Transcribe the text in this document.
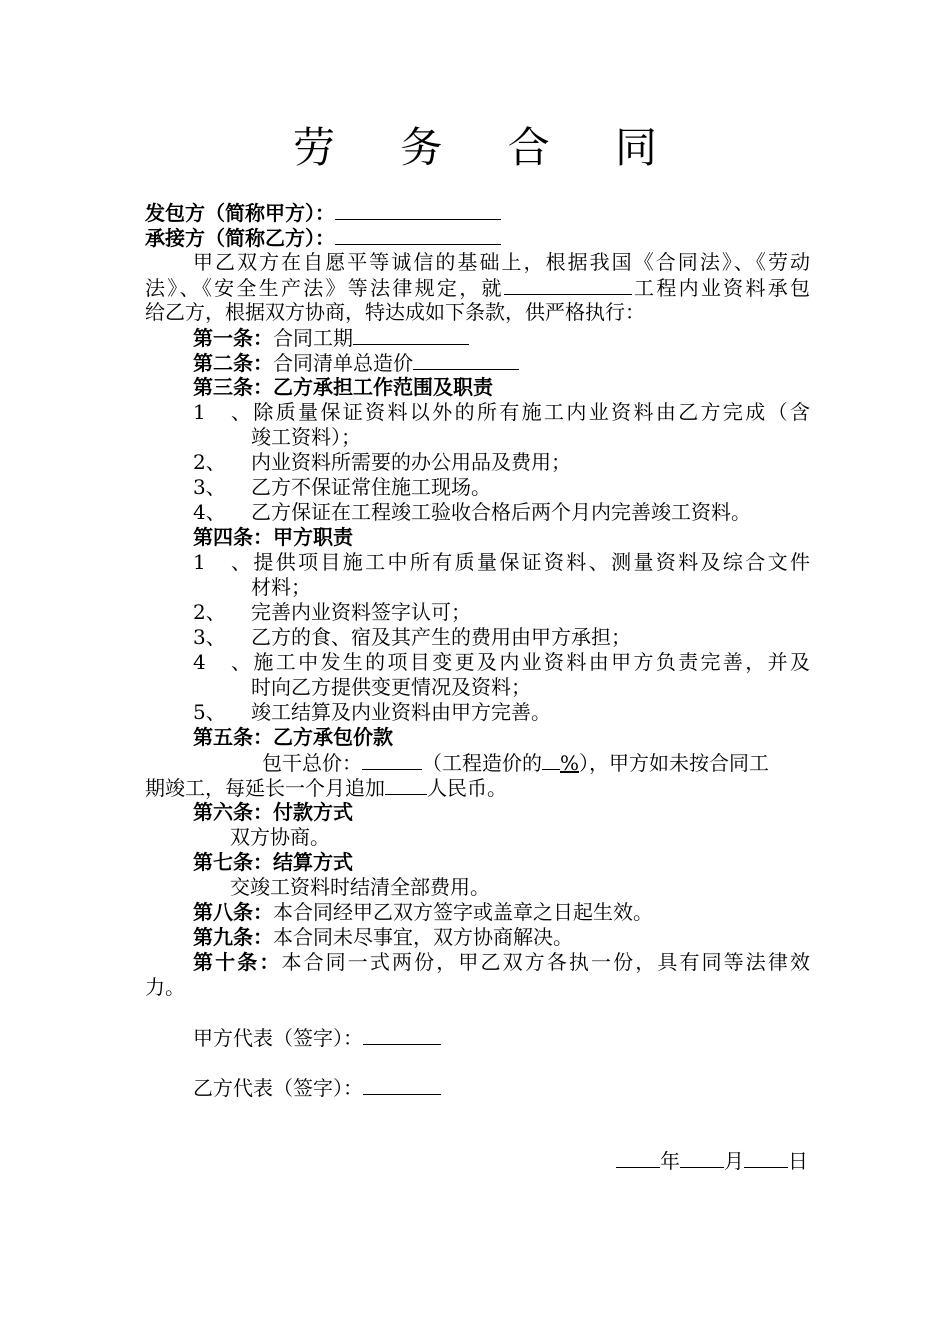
劳 务 合 同
发包方（简称甲方）：
承接方（简称乙方）：
甲乙双方在自愿平等诚信的基础上，根据我国《合同法》、《劳动
法》、《安全生产法》等法律规定，就	工程内业资料承包
给乙方，根据双方协商，特达成如下条款，供严格执行：
第一条：合同工期
第二条：合同清单总造价
第三条：乙方承担工作范围及职责
1、除质量保证资料以外的所有施工内业资料由乙方完成（含
竣工资料）；
2、 内业资料所需要的办公用品及费用；
3、 乙方不保证常住施工现场。
4、 乙方保证在工程竣工验收合格后两个月内完善竣工资料。
第四条：甲方职责
1、提供项目施工中所有质量保证资料、测量资料及综合文件
材料；
2、 完善内业资料签字认可；
3、 乙方的食、宿及其产生的费用由甲方承担；
4、施工中发生的项目变更及内业资料由甲方负责完善，并及
时向乙方提供变更情况及资料；
5、 竣工结算及内业资料由甲方完善。
第五条：乙方承包价款
包干总价：	（工程造价的 %），甲方如未按合同工
期竣工，每延长一个月追加 人民币。
第六条：付款方式
双方协商。
第七条：结算方式
交竣工资料时结清全部费用。
第八条：本合同经甲乙双方签字或盖章之日起生效。
第九条：本合同未尽事宜，双方协商解决。
第十条：本合同一式两份，甲乙双方各执一份，具有同等法律效
力。
甲方代表（签字）：
乙方代表（签字）：
年 月 日
